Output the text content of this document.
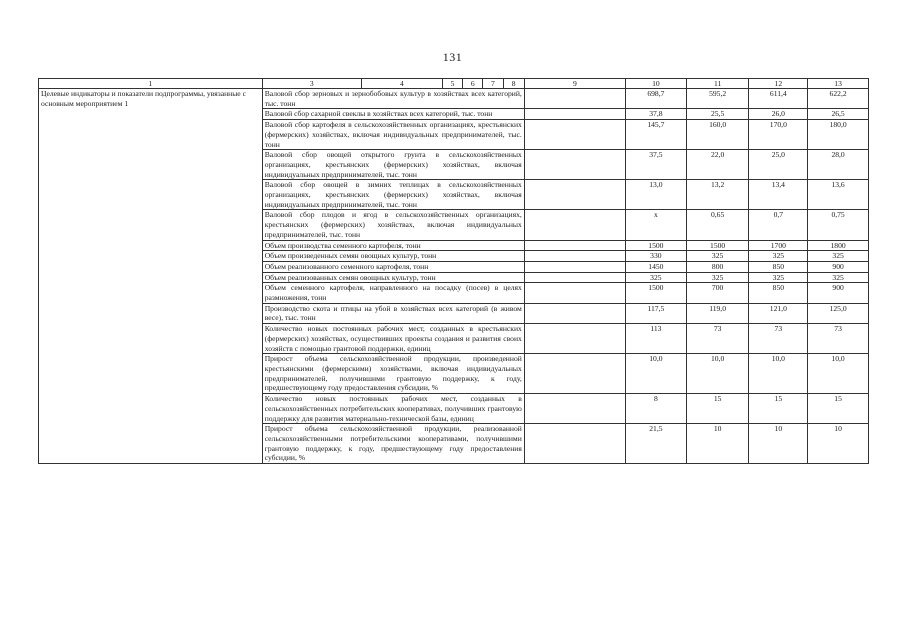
131
1	3	4	5	6	7	8	9	10	11	12	13
Целевые индикаторы и показатели подпрограммы, увязанные с основным мероприятием 1	Валовой сбор зерновых и зернобобовых культур в хозяйствах всех категорий, тыс. тонн							698,7	595,2	611,4	622,2
	Валовой сбор сахарной свеклы в хозяйствах всех категорий, тыс. тонн							37,8	25,5	26,0	26,5
	Валовой сбор картофеля в сельскохозяйственных организациях, крестьянских (фермерских) хозяйствах, включая индивидуальных предпринимателей, тыс. тонн							145,7	160,0	170,0	180,0
	Валовой сбор овощей открытого грунта в сельскохозяйственных организациях, крестьянских (фермерских) хозяйствах, включая индивидуальных предпринимателей, тыс. тонн							37,5	22,0	25,0	28,0
	Валовой сбор овощей в зимних теплицах в сельскохозяйственных организациях, крестьянских (фермерских) хозяйствах, включая индивидуальных предпринимателей, тыс. тонн							13,0	13,2	13,4	13,6
	Валовой сбор плодов и ягод в сельскохозяйственных организациях, крестьянских (фермерских) хозяйствах, включая индивидуальных предпринимателей, тыс. тонн							х	0,65	0,7	0,75
	Объем производства семенного картофеля, тонн							1500	1500	1700	1800
	Объем произведенных семян овощных культур, тонн							330	325	325	325
	Объем реализованного семенного картофеля, тонн							1450	800	850	900
	Объем реализованных семян овощных культур, тонн							325	325	325	325
	Объем семенного картофеля, направленного на посадку (посев) в целях размножения, тонн							1500	700	850	900
	Производство скота и птицы на убой в хозяйствах всех категорий (в живом весе), тыс. тонн							117,5	119,0	121,0	125,0
	Количество новых постоянных рабочих мест, созданных в крестьянских (фермерских) хозяйствах, осуществивших проекты создания и развития своих хозяйств с помощью грантовой поддержки, единиц							113	73	73	73
	Прирост объема сельскохозяйственной продукции, произведенной крестьянскими (фермерскими) хозяйствами, включая индивидуальных предпринимателей, получившими грантовую поддержку, к году, предшествующему году предоставления субсидии, %							10,0	10,0	10,0	10,0
	Количество новых постоянных рабочих мест, созданных в сельскохозяйственных потребительских кооперативах, получивших грантовую поддержку для развития материально-технической базы, единиц							8	15	15	15
	Прирост объема сельскохозяйственной продукции, реализованной сельскохозяйственными потребительскими кооперативами, получившими грантовую поддержку, к году, предшествующему году предоставления субсидии, %							21,5	10	10	10
